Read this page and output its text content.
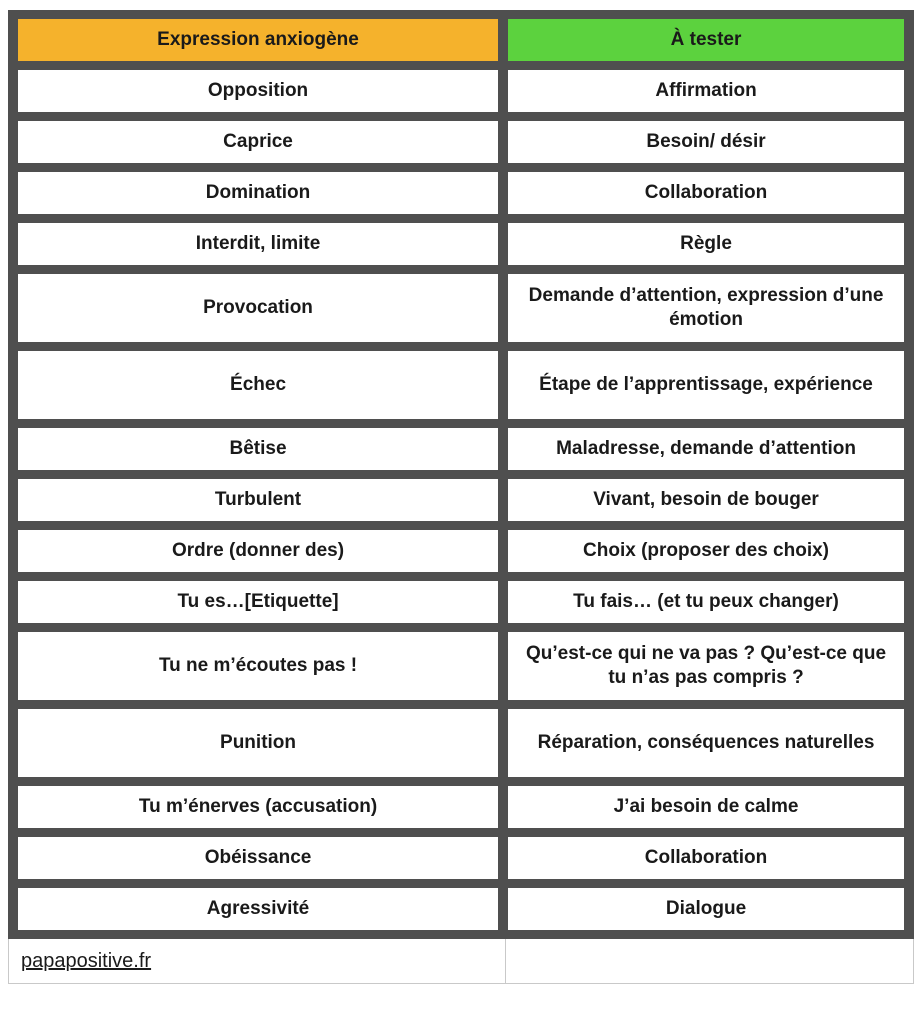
Expression anxiogène	À tester
Opposition	Affirmation
Caprice	Besoin/ désir
Domination	Collaboration
Interdit, limite	Règle
Provocation	Demande d’attention, expression d’une émotion
Échec	Étape de l’apprentissage, expérience
Bêtise	Maladresse, demande d’attention
Turbulent	Vivant, besoin de bouger
Ordre (donner des)	Choix (proposer des choix)
Tu es…[Etiquette]	Tu fais… (et tu peux changer)
Tu ne m’écoutes pas !	Qu’est-ce qui ne va pas ? Qu’est-ce que tu n’as pas compris ?
Punition	Réparation, conséquences naturelles
Tu m’énerves (accusation)	J’ai besoin de calme
Obéissance	Collaboration
Agressivité	Dialogue
papapositive.fr
